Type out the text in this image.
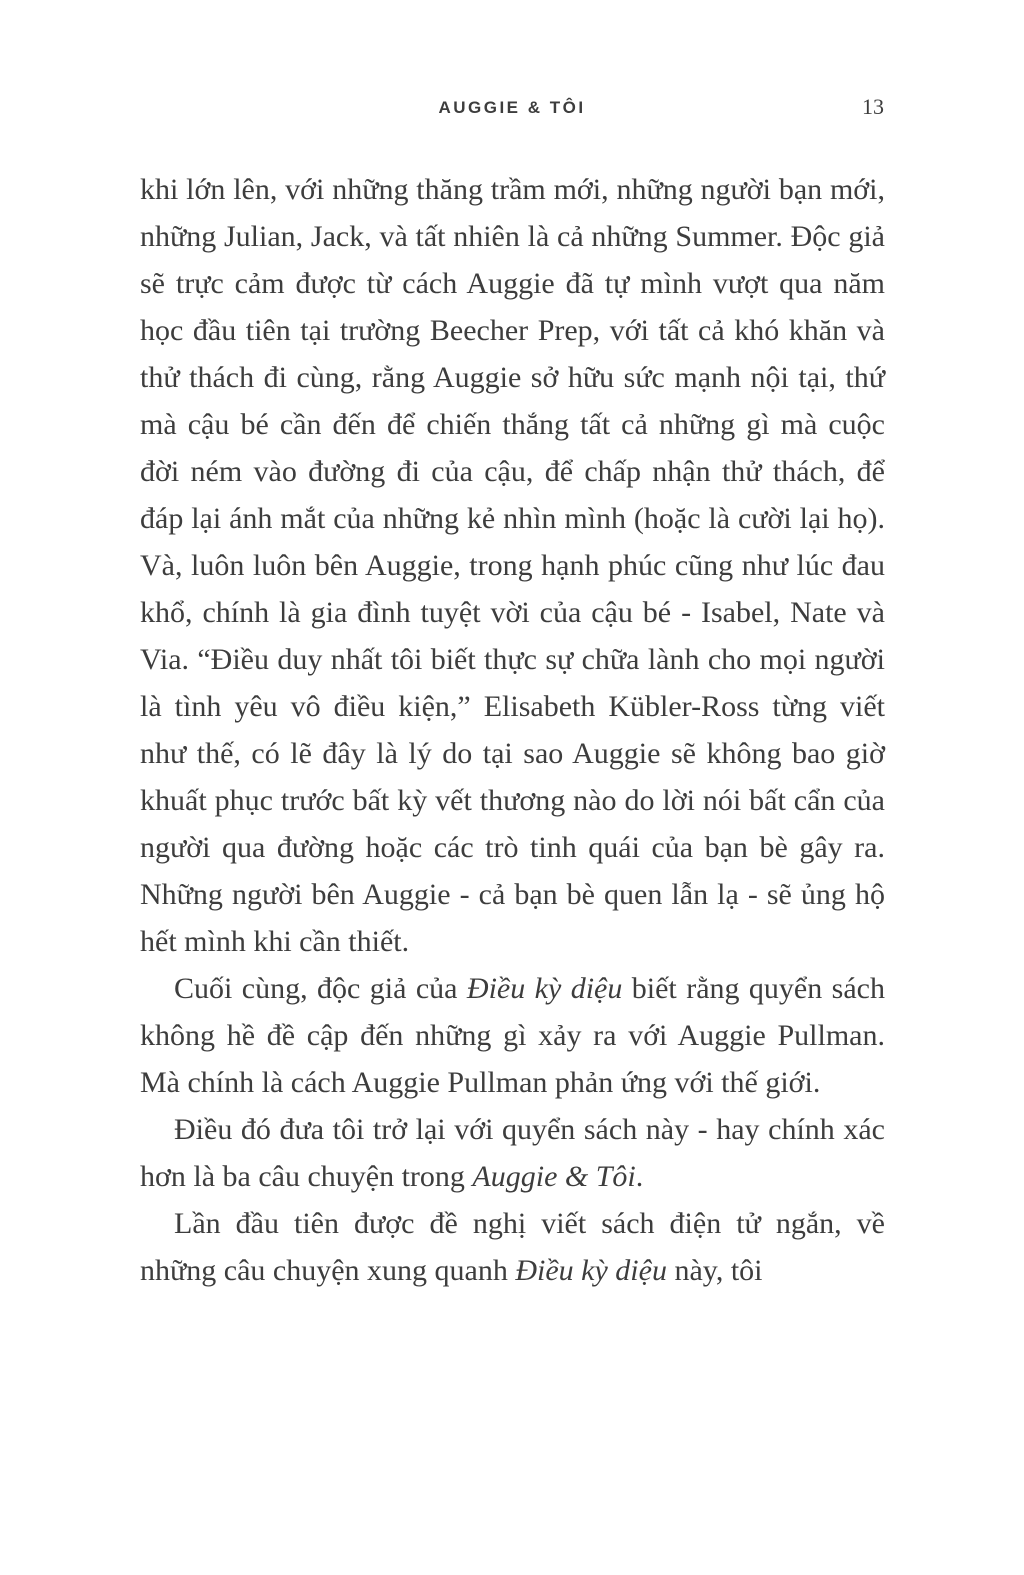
AUGGIE & TÔI	13

khi lớn lên, với những thăng trầm mới, những người bạn mới, những Julian, Jack, và tất nhiên là cả những Summer. Độc giả sẽ trực cảm được từ cách Auggie đã tự mình vượt qua năm học đầu tiên tại trường Beecher Prep, với tất cả khó khăn và thử thách đi cùng, rằng Auggie sở hữu sức mạnh nội tại, thứ mà cậu bé cần đến để chiến thắng tất cả những gì mà cuộc đời ném vào đường đi của cậu, để chấp nhận thử thách, để đáp lại ánh mắt của những kẻ nhìn mình (hoặc là cười lại họ). Và, luôn luôn bên Auggie, trong hạnh phúc cũng như lúc đau khổ, chính là gia đình tuyệt vời của cậu bé - Isabel, Nate và Via. “Điều duy nhất tôi biết thực sự chữa lành cho mọi người là tình yêu vô điều kiện,” Elisabeth Kübler-Ross từng viết như thế, có lẽ đây là lý do tại sao Auggie sẽ không bao giờ khuất phục trước bất kỳ vết thương nào do lời nói bất cẩn của người qua đường hoặc các trò tinh quái của bạn bè gây ra. Những người bên Auggie - cả bạn bè quen lẫn lạ - sẽ ủng hộ hết mình khi cần thiết.

Cuối cùng, độc giả của Điều kỳ diệu biết rằng quyển sách không hề đề cập đến những gì xảy ra với Auggie Pullman. Mà chính là cách Auggie Pullman phản ứng với thế giới.

Điều đó đưa tôi trở lại với quyển sách này - hay chính xác hơn là ba câu chuyện trong Auggie & Tôi.

Lần đầu tiên được đề nghị viết sách điện tử ngắn, về những câu chuyện xung quanh Điều kỳ diệu này, tôi
